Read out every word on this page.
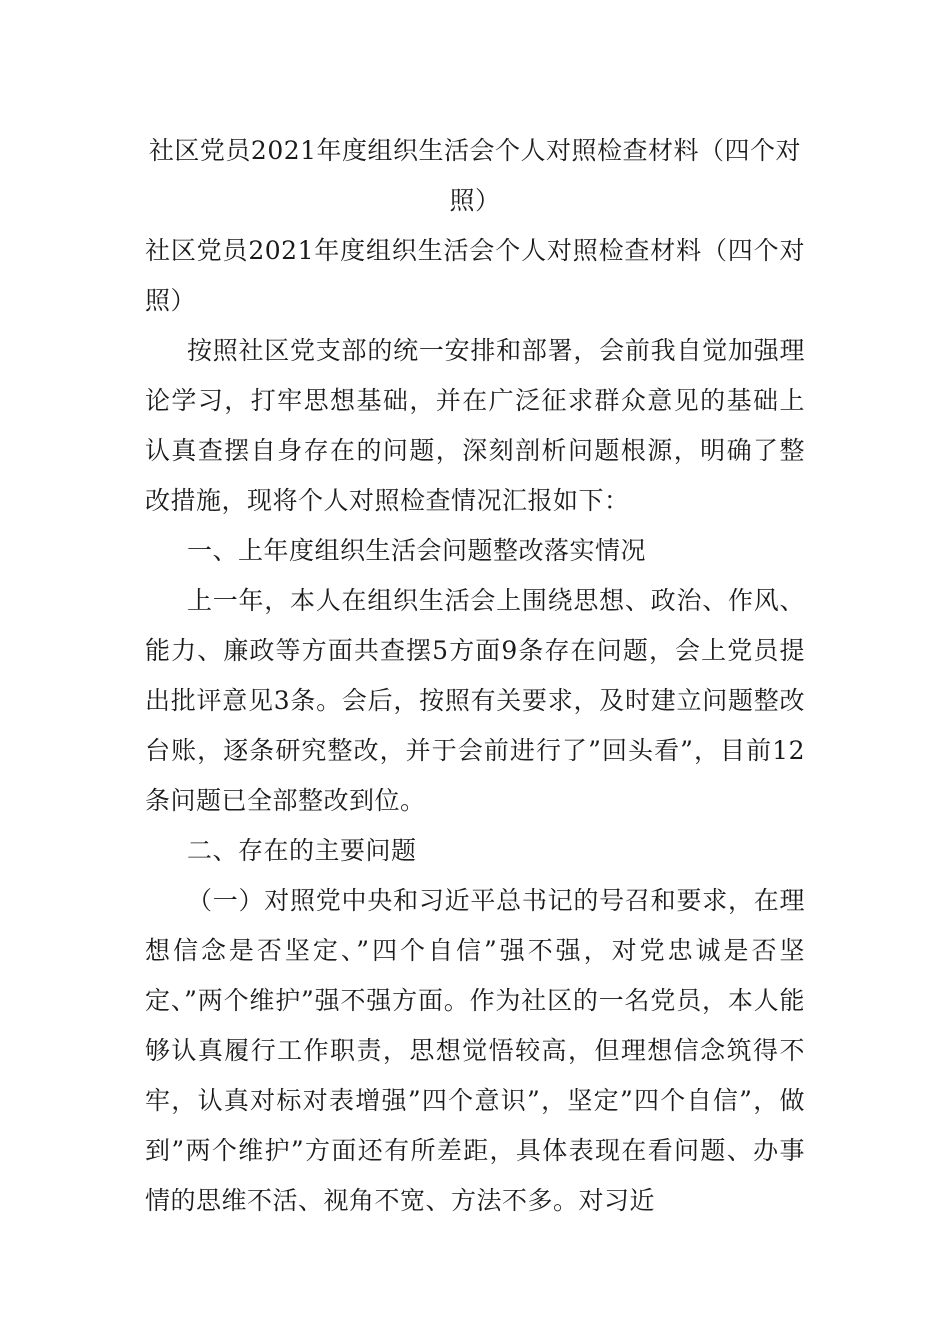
社区党员2021年度组织生活会个人对照检查材料（四个对照）

社区党员2021年度组织生活会个人对照检查材料（四个对照）

按照社区党支部的统一安排和部署，会前我自觉加强理论学习，打牢思想基础，并在广泛征求群众意见的基础上认真查摆自身存在的问题，深刻剖析问题根源，明确了整改措施，现将个人对照检查情况汇报如下：

一、上年度组织生活会问题整改落实情况

上一年，本人在组织生活会上围绕思想、政治、作风、能力、廉政等方面共查摆5方面9条存在问题，会上党员提出批评意见3条。会后，按照有关要求，及时建立问题整改台账，逐条研究整改，并于会前进行了”回头看”，目前12条问题已全部整改到位。

二、存在的主要问题

（一）对照党中央和习近平总书记的号召和要求，在理想信念是否坚定、”四个自信”强不强，对党忠诚是否坚定、”两个维护”强不强方面。作为社区的一名党员，本人能够认真履行工作职责，思想觉悟较高，但理想信念筑得不牢，认真对标对表增强”四个意识”，坚定”四个自信”，做到”两个维护”方面还有所差距，具体表现在看问题、办事情的思维不活、视角不宽、方法不多。对习近
